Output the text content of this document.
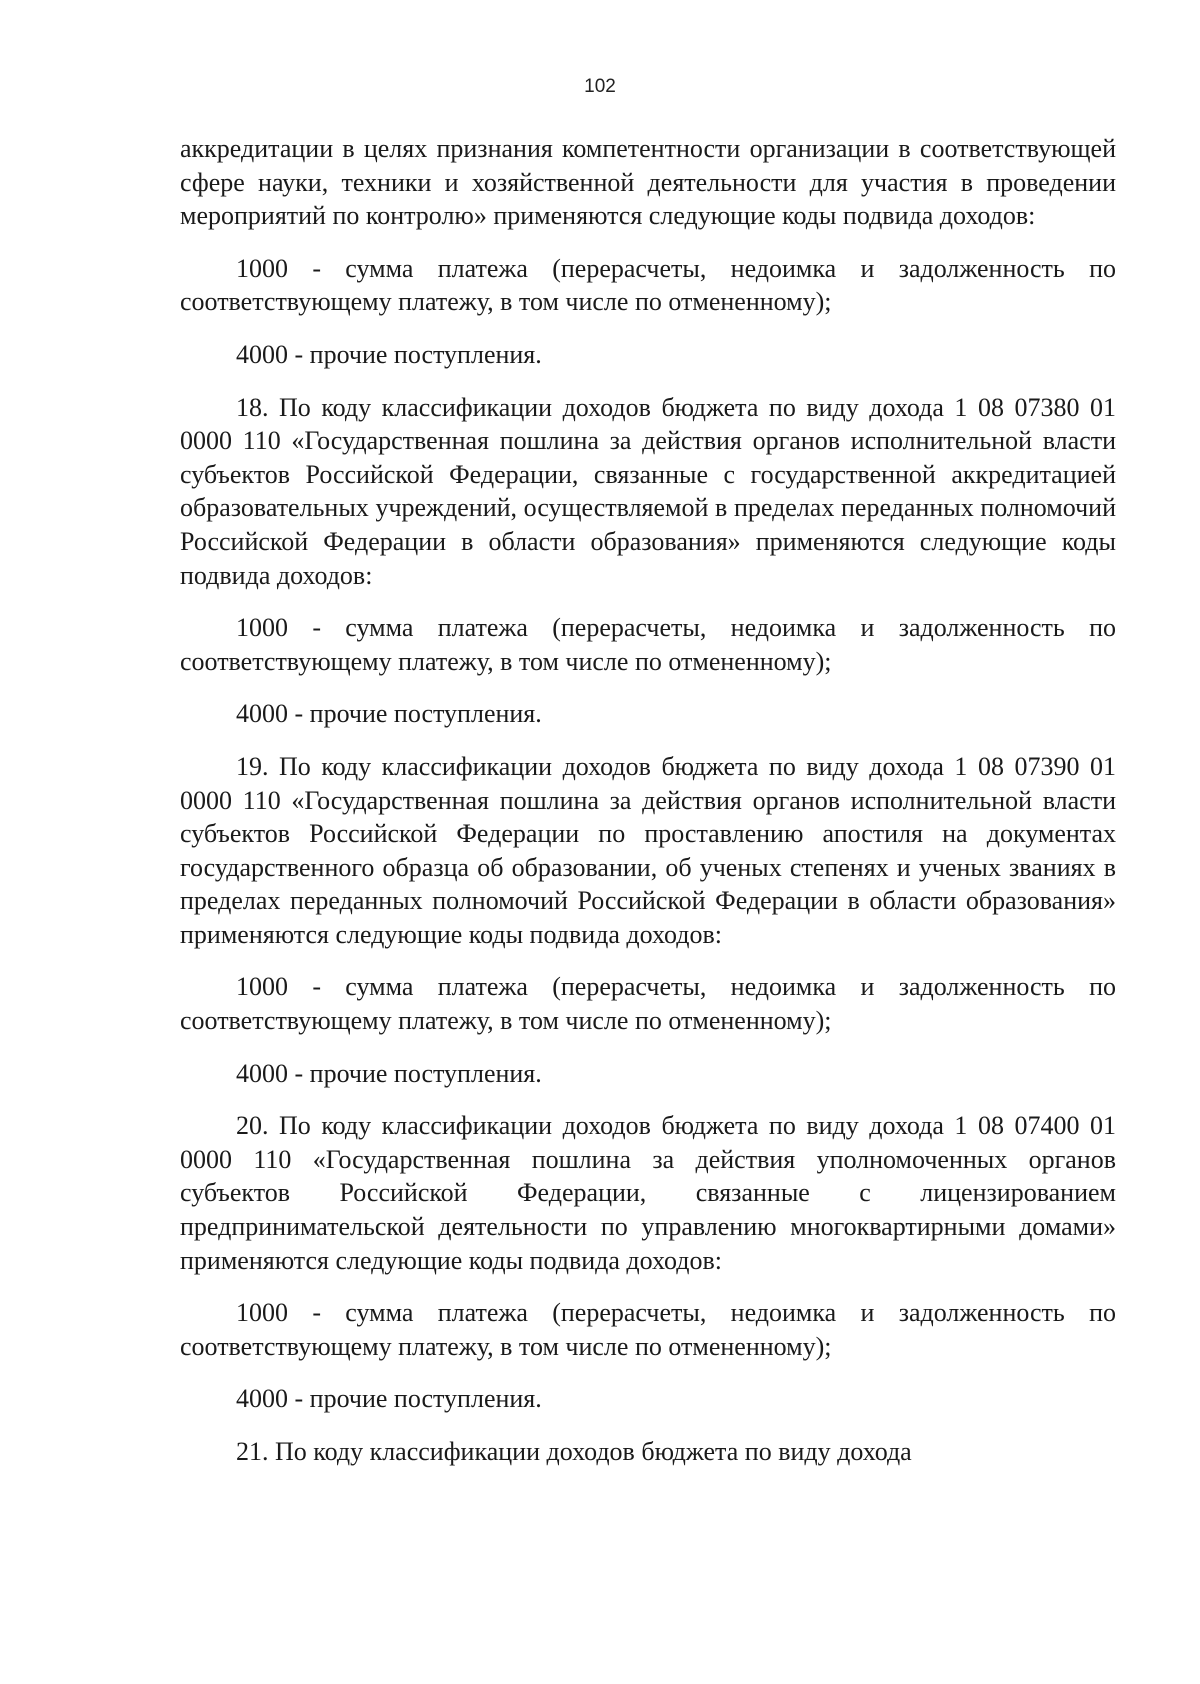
102

аккредитации в целях признания компетентности организации в соответствующей сфере науки, техники и хозяйственной деятельности для участия в проведении мероприятий по контролю» применяются следующие коды подвида доходов:

1000 - сумма платежа (перерасчеты, недоимка и задолженность по соответствующему платежу, в том числе по отмененному);

4000 - прочие поступления.

18. По коду классификации доходов бюджета по виду дохода 1 08 07380 01 0000 110 «Государственная пошлина за действия органов исполнительной власти субъектов Российской Федерации, связанные с государственной аккредитацией образовательных учреждений, осуществляемой в пределах переданных полномочий Российской Федерации в области образования» применяются следующие коды подвида доходов:

1000 - сумма платежа (перерасчеты, недоимка и задолженность по соответствующему платежу, в том числе по отмененному);

4000 - прочие поступления.

19. По коду классификации доходов бюджета по виду дохода 1 08 07390 01 0000 110 «Государственная пошлина за действия органов исполнительной власти субъектов Российской Федерации по проставлению апостиля на документах государственного образца об образовании, об ученых степенях и ученых званиях в пределах переданных полномочий Российской Федерации в области образования» применяются следующие коды подвида доходов:

1000 - сумма платежа (перерасчеты, недоимка и задолженность по соответствующему платежу, в том числе по отмененному);

4000 - прочие поступления.

20. По коду классификации доходов бюджета по виду дохода 1 08 07400 01 0000 110 «Государственная пошлина за действия уполномоченных органов субъектов Российской Федерации, связанные с лицензированием предпринимательской деятельности по управлению многоквартирными домами» применяются следующие коды подвида доходов:

1000 - сумма платежа (перерасчеты, недоимка и задолженность по соответствующему платежу, в том числе по отмененному);

4000 - прочие поступления.

21. По коду классификации доходов бюджета по виду дохода
